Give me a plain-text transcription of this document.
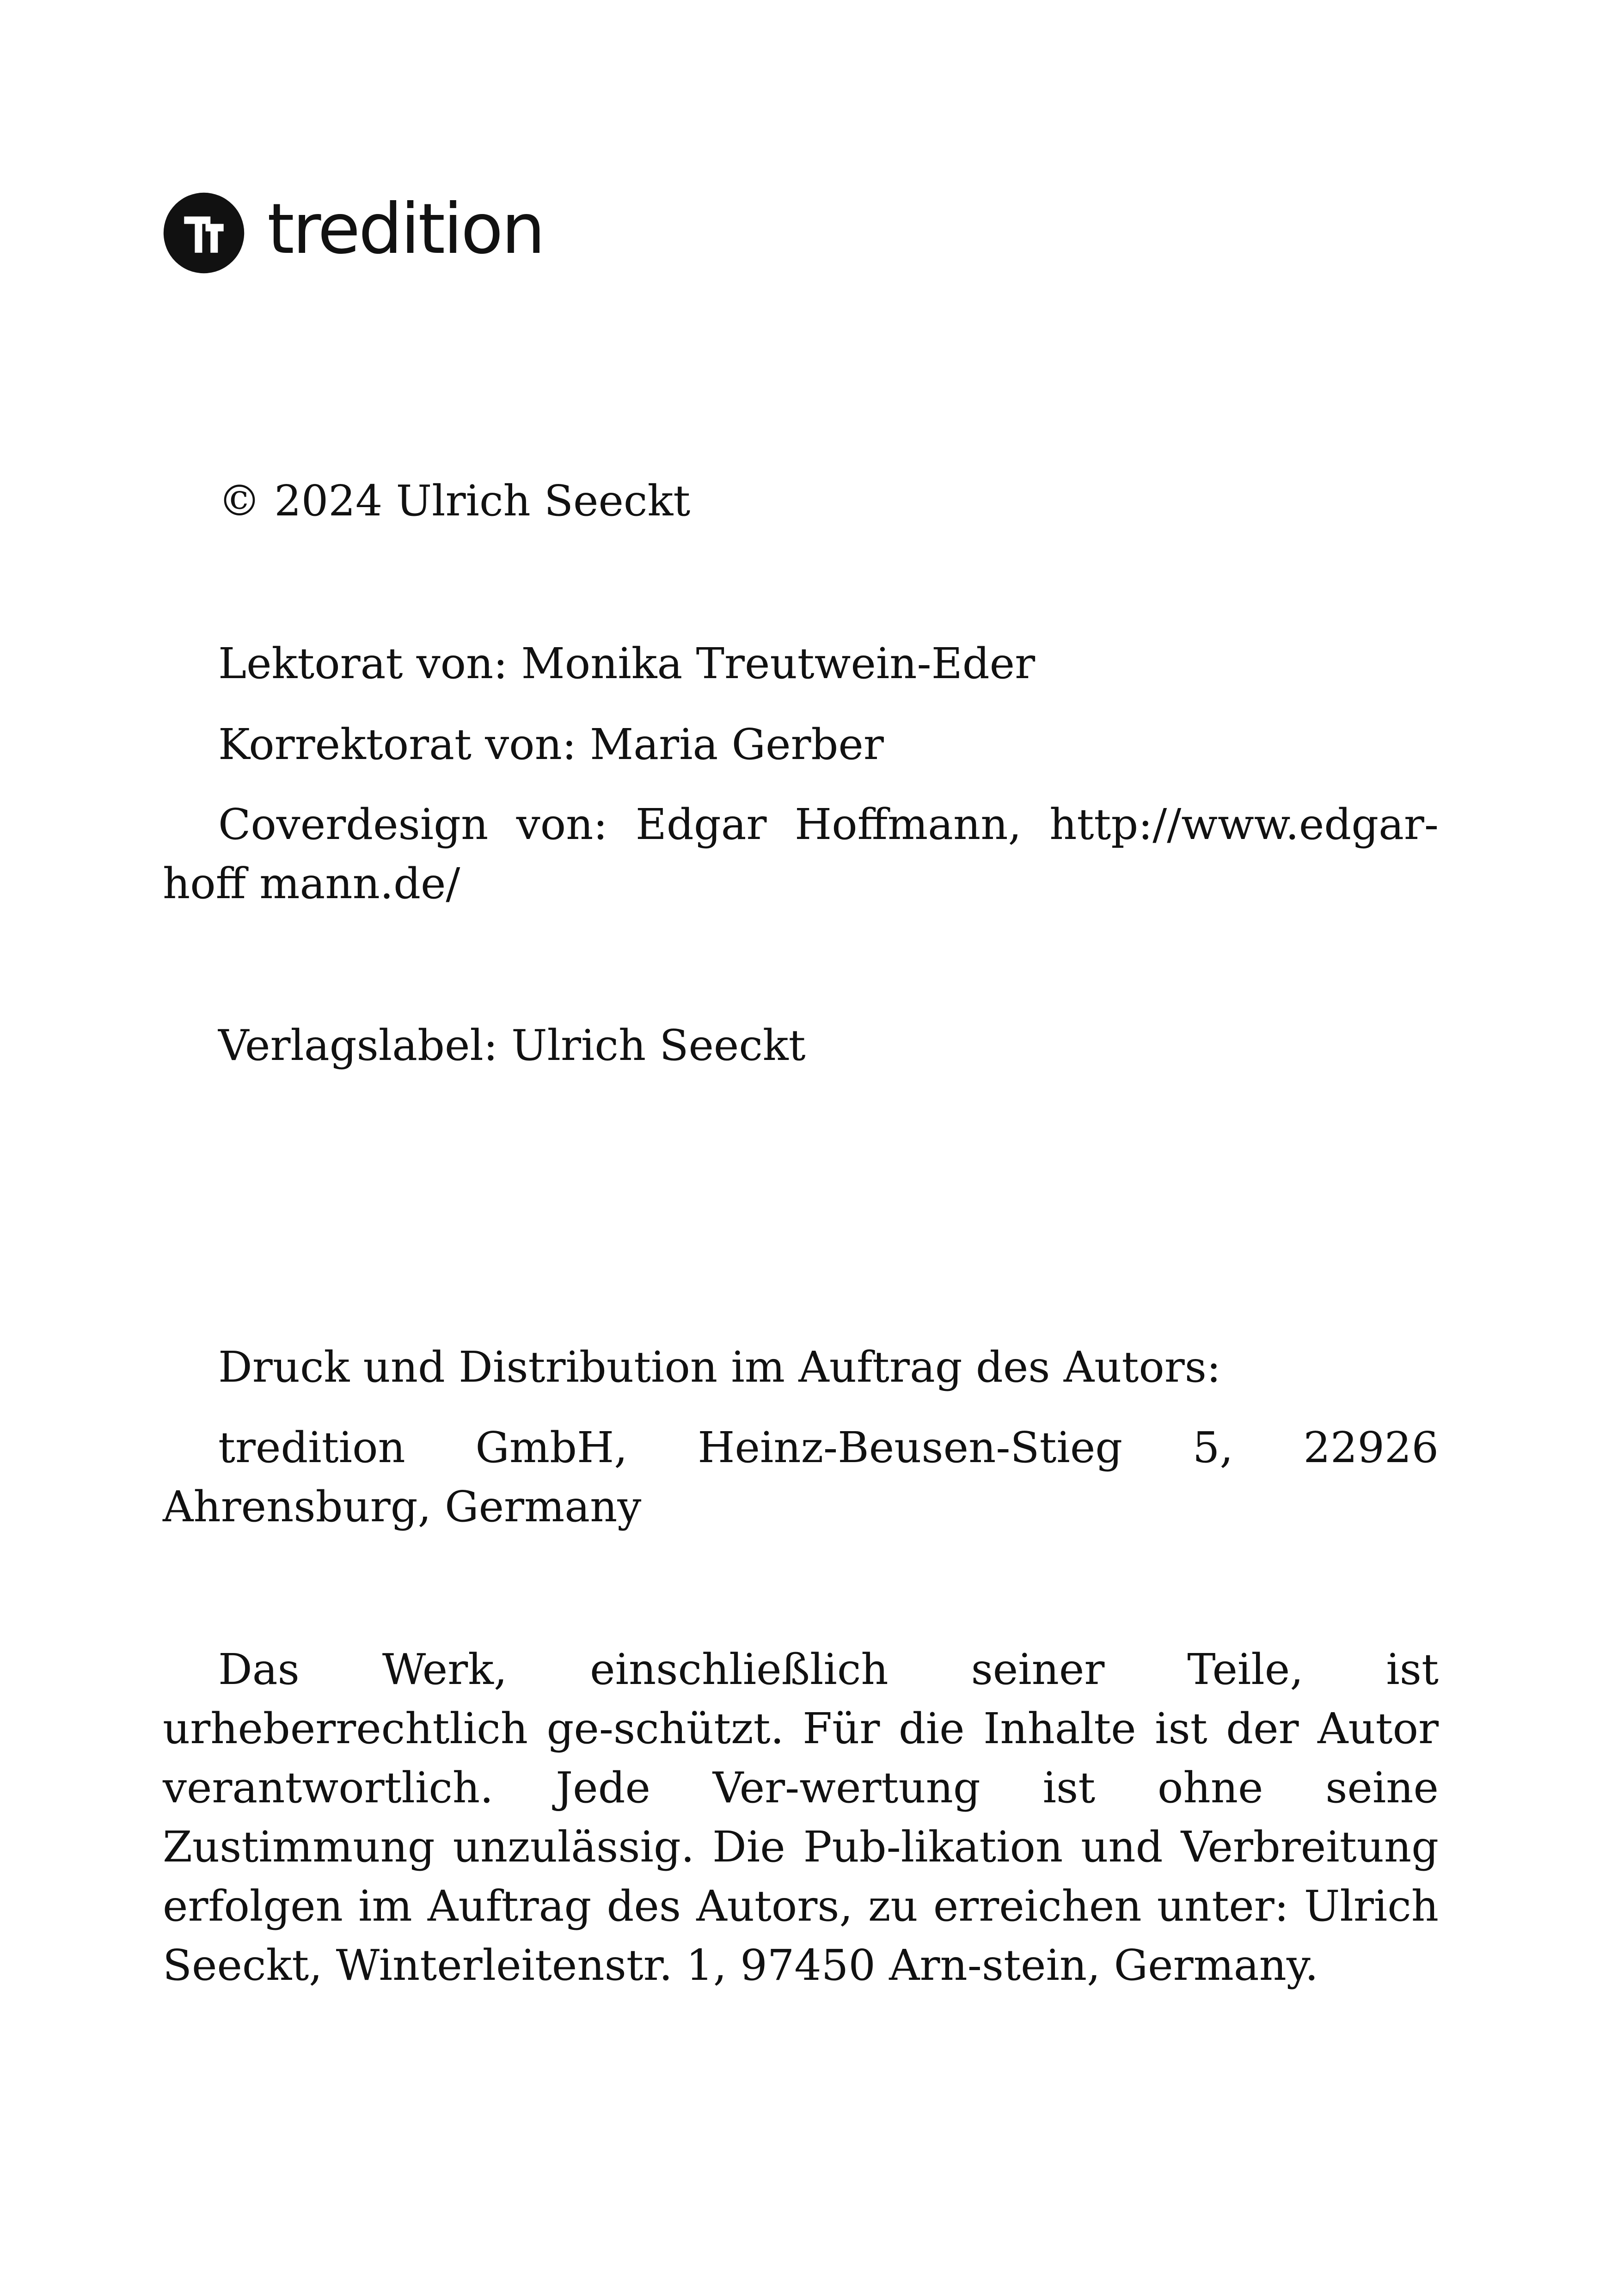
tredition

© 2024 Ulrich Seeckt

Lektorat von: Monika Treutwein-Eder

Korrektorat von: Maria Gerber

Coverdesign von: Edgar Hoffmann, http://www.edgar-hoff mann.de/

Verlagslabel: Ulrich Seeckt

Druck und Distribution im Auftrag des Autors:

tredition GmbH, Heinz-Beusen-Stieg 5, 22926 Ahrensburg, Germany

Das Werk, einschließlich seiner Teile, ist urheberrechtlich ge-schützt. Für die Inhalte ist der Autor verantwortlich. Jede Ver-wertung ist ohne seine Zustimmung unzulässig. Die Pub-likation und Verbreitung erfolgen im Auftrag des Autors, zu erreichen unter: Ulrich Seeckt, Winterleitenstr. 1, 97450 Arn-stein, Germany.
